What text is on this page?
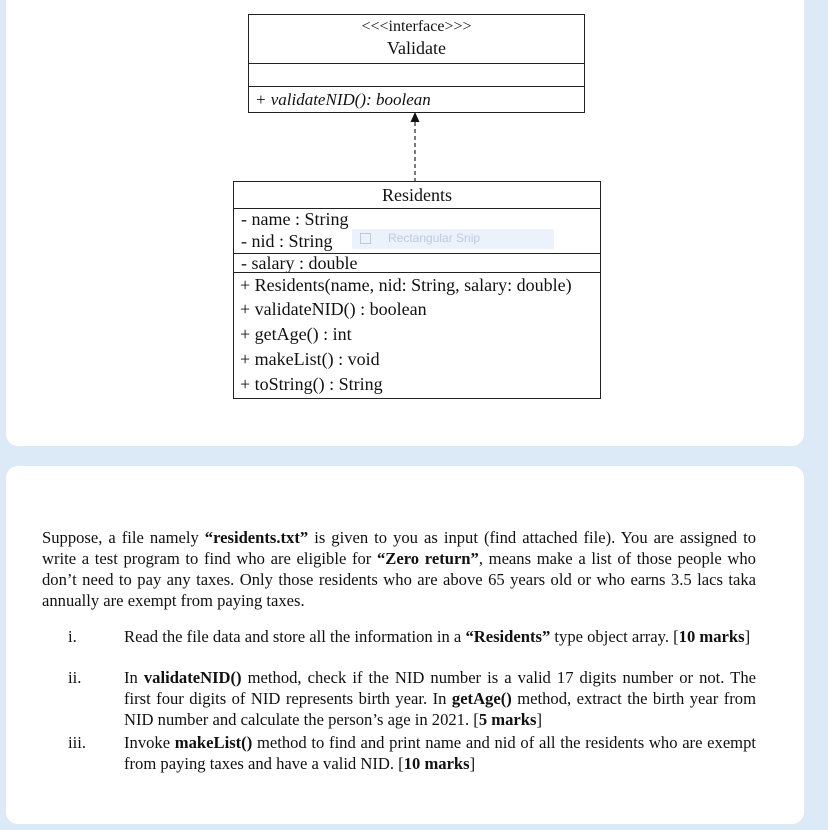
<<<interface>>>
Validate
+ validateNID(): boolean
Residents
- name : String
- nid : String
- salary : double
+ Residents(name, nid: String, salary: double)
+ validateNID() : boolean
+ getAge() : int
+ makeList() : void
+ toString() : String
Rectangular Snip
Suppose, a file namely “residents.txt” is given to you as input (find attached file). You are assigned to write a test program to find who are eligible for “Zero return”, means make a list of those people who don’t need to pay any taxes. Only those residents who are above 65 years old or who earns 3.5 lacs taka annually are exempt from paying taxes.
i.	Read the file data and store all the information in a “Residents” type object array. [10 marks]
ii.	In validateNID() method, check if the NID number is a valid 17 digits number or not. The first four digits of NID represents birth year. In getAge() method, extract the birth year from NID number and calculate the person’s age in 2021. [5 marks]
iii. Invoke makeList() method to find and print name and nid of all the residents who are exempt from paying taxes and have a valid NID. [10 marks]
